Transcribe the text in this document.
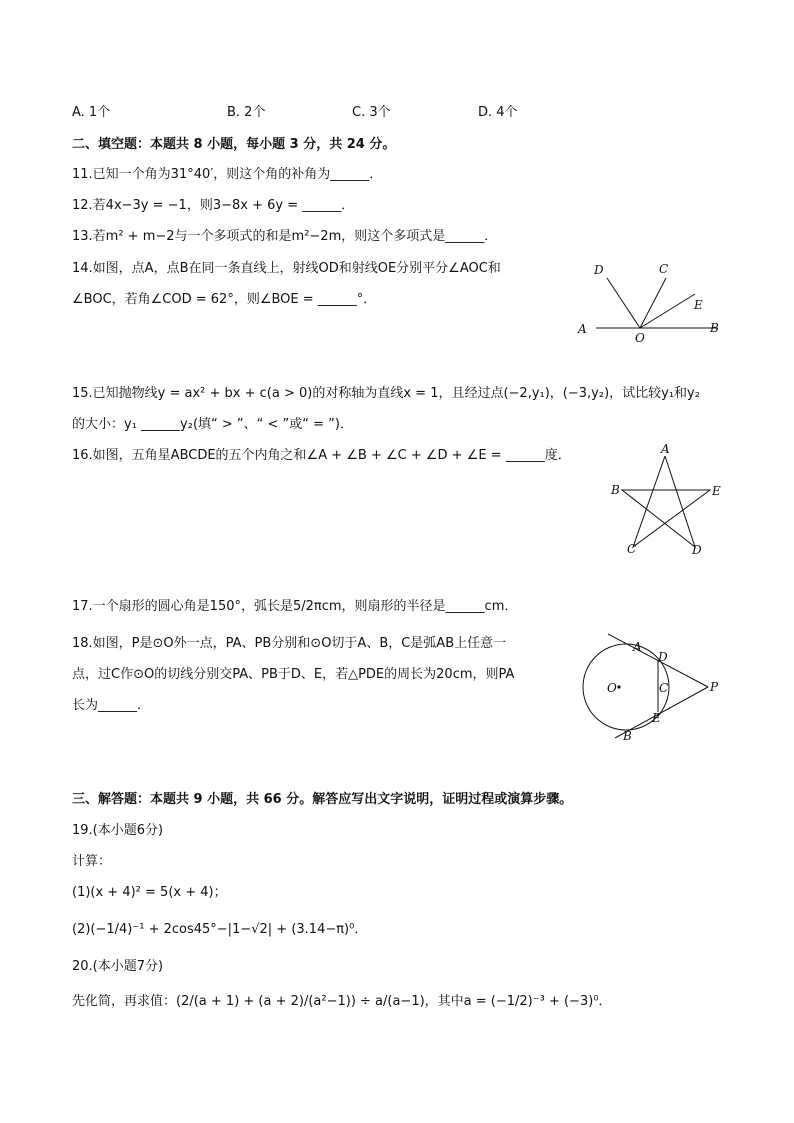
A. 1个	B. 2个	C. 3个	D. 4个
二、填空题：本题共 8 小题，每小题 3 分，共 24 分。
11.已知一个角为31°40′，则这个角的补角为______．
12.若4x−3y = −1，则3−8x + 6y = ______．
13.若m² + m−2与一个多项式的和是m²−2m，则这个多项式是______．
14.如图，点A，点B在同一条直线上，射线OD和射线OE分别平分∠AOC和
∠BOC，若角∠COD = 62°，则∠BOE = ______°．
A
O
B
C
D
E
15.已知抛物线y = ax² + bx + c(a > 0)的对称轴为直线x = 1，且经过点(−2,y₁)，(−3,y₂)，试比较y₁和y₂
的大小：y₁ ______y₂(填“ > ”、“ < ”或“ = ”)．
16.如图，五角星ABCDE的五个内角之和∠A + ∠B + ∠C + ∠D + ∠E = ______度．	A
B
C	D
E
17.一个扇形的圆心角是150°，弧长是5/2πcm，则扇形的半径是______cm．
18.如图，P是⊙O外一点，PA、PB分别和⊙O切于A、B，C是弧AB上任意一
点，过C作⊙O的切线分别交PA、PB于D、E，若△PDE的周长为20cm，则PA
长为______．
A
B
C
D
E
O	P
三、解答题：本题共 9 小题，共 66 分。解答应写出文字说明，证明过程或演算步骤。
19.(本小题6分)
计算：
(1)(x + 4)² = 5(x + 4)；
(2)(−1/4)⁻¹ + 2cos45°−|1−√2| + (3.14−π)⁰．
20.(本小题7分)
先化简，再求值：(2/(a + 1) + (a + 2)/(a²−1)) ÷ a/(a−1)，其中a = (−1/2)⁻³ + (−3)⁰．
